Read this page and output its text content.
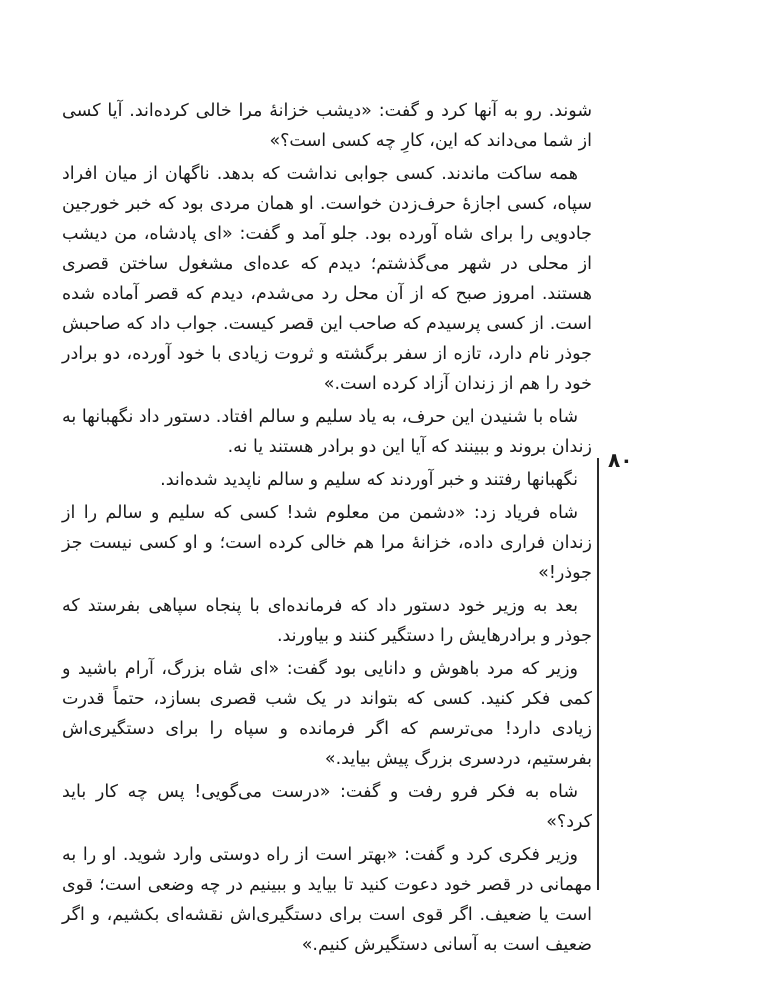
شوند. رو به آنها کرد و گفت: «دیشب خزانهٔ مرا خالی کرده‌اند. آیا کسی از شما می‌داند که این، کارِ چه کسی است؟»

همه ساکت ماندند. کسی جوابی نداشت که بدهد. ناگهان از میان افراد سپاه، کسی اجازهٔ حرف‌زدن خواست. او همان مردی بود که خبر خورجین جادویی را برای شاه آورده بود. جلو آمد و گفت: «ای پادشاه، من دیشب از محلی در شهر می‌گذشتم؛ دیدم که عده‌ای مشغول ساختن قصری هستند. امروز صبح که از آن محل رد می‌شدم، دیدم که قصر آماده شده است. از کسی پرسیدم که صاحب این قصر کیست. جواب داد که صاحبش جوذر نام دارد، تازه از سفر برگشته و ثروت زیادی با خود آورده، دو برادر خود را هم از زندان آزاد کرده است.»

شاه با شنیدن این حرف، به یاد سلیم و سالم افتاد. دستور داد نگهبانها به زندان بروند و ببینند که آیا این دو برادر هستند یا نه.

نگهبانها رفتند و خبر آوردند که سلیم و سالم ناپدید شده‌اند.

شاه فریاد زد: «دشمن من معلوم شد! کسی که سلیم و سالم را از زندان فراری داده، خزانهٔ مرا هم خالی کرده است؛ و او کسی نیست جز جوذر!»

بعد به وزیر خود دستور داد که فرمانده‌ای با پنجاه سپاهی بفرستد که جوذر و برادرهایش را دستگیر کنند و بیاورند.

وزیر که مرد باهوش و دانایی بود گفت: «ای شاه بزرگ، آرام باشید و کمی فکر کنید. کسی که بتواند در یک شب قصری بسازد، حتماً قدرت زیادی دارد! می‌ترسم که اگر فرمانده و سپاه را برای دستگیری‌اش بفرستیم، دردسری بزرگ پیش بیاید.»

شاه به فکر فرو رفت و گفت: «درست می‌گویی! پس چه کار باید کرد؟»

وزیر فکری کرد و گفت: «بهتر است از راه دوستی وارد شوید. او را به مهمانی در قصر خود دعوت کنید تا بیاید و ببینیم در چه وضعی است؛ قوی است یا ضعیف. اگر قوی است برای دستگیری‌اش نقشه‌ای بکشیم، و اگر ضعیف است به آسانی دستگیرش کنیم.»

۸۰
